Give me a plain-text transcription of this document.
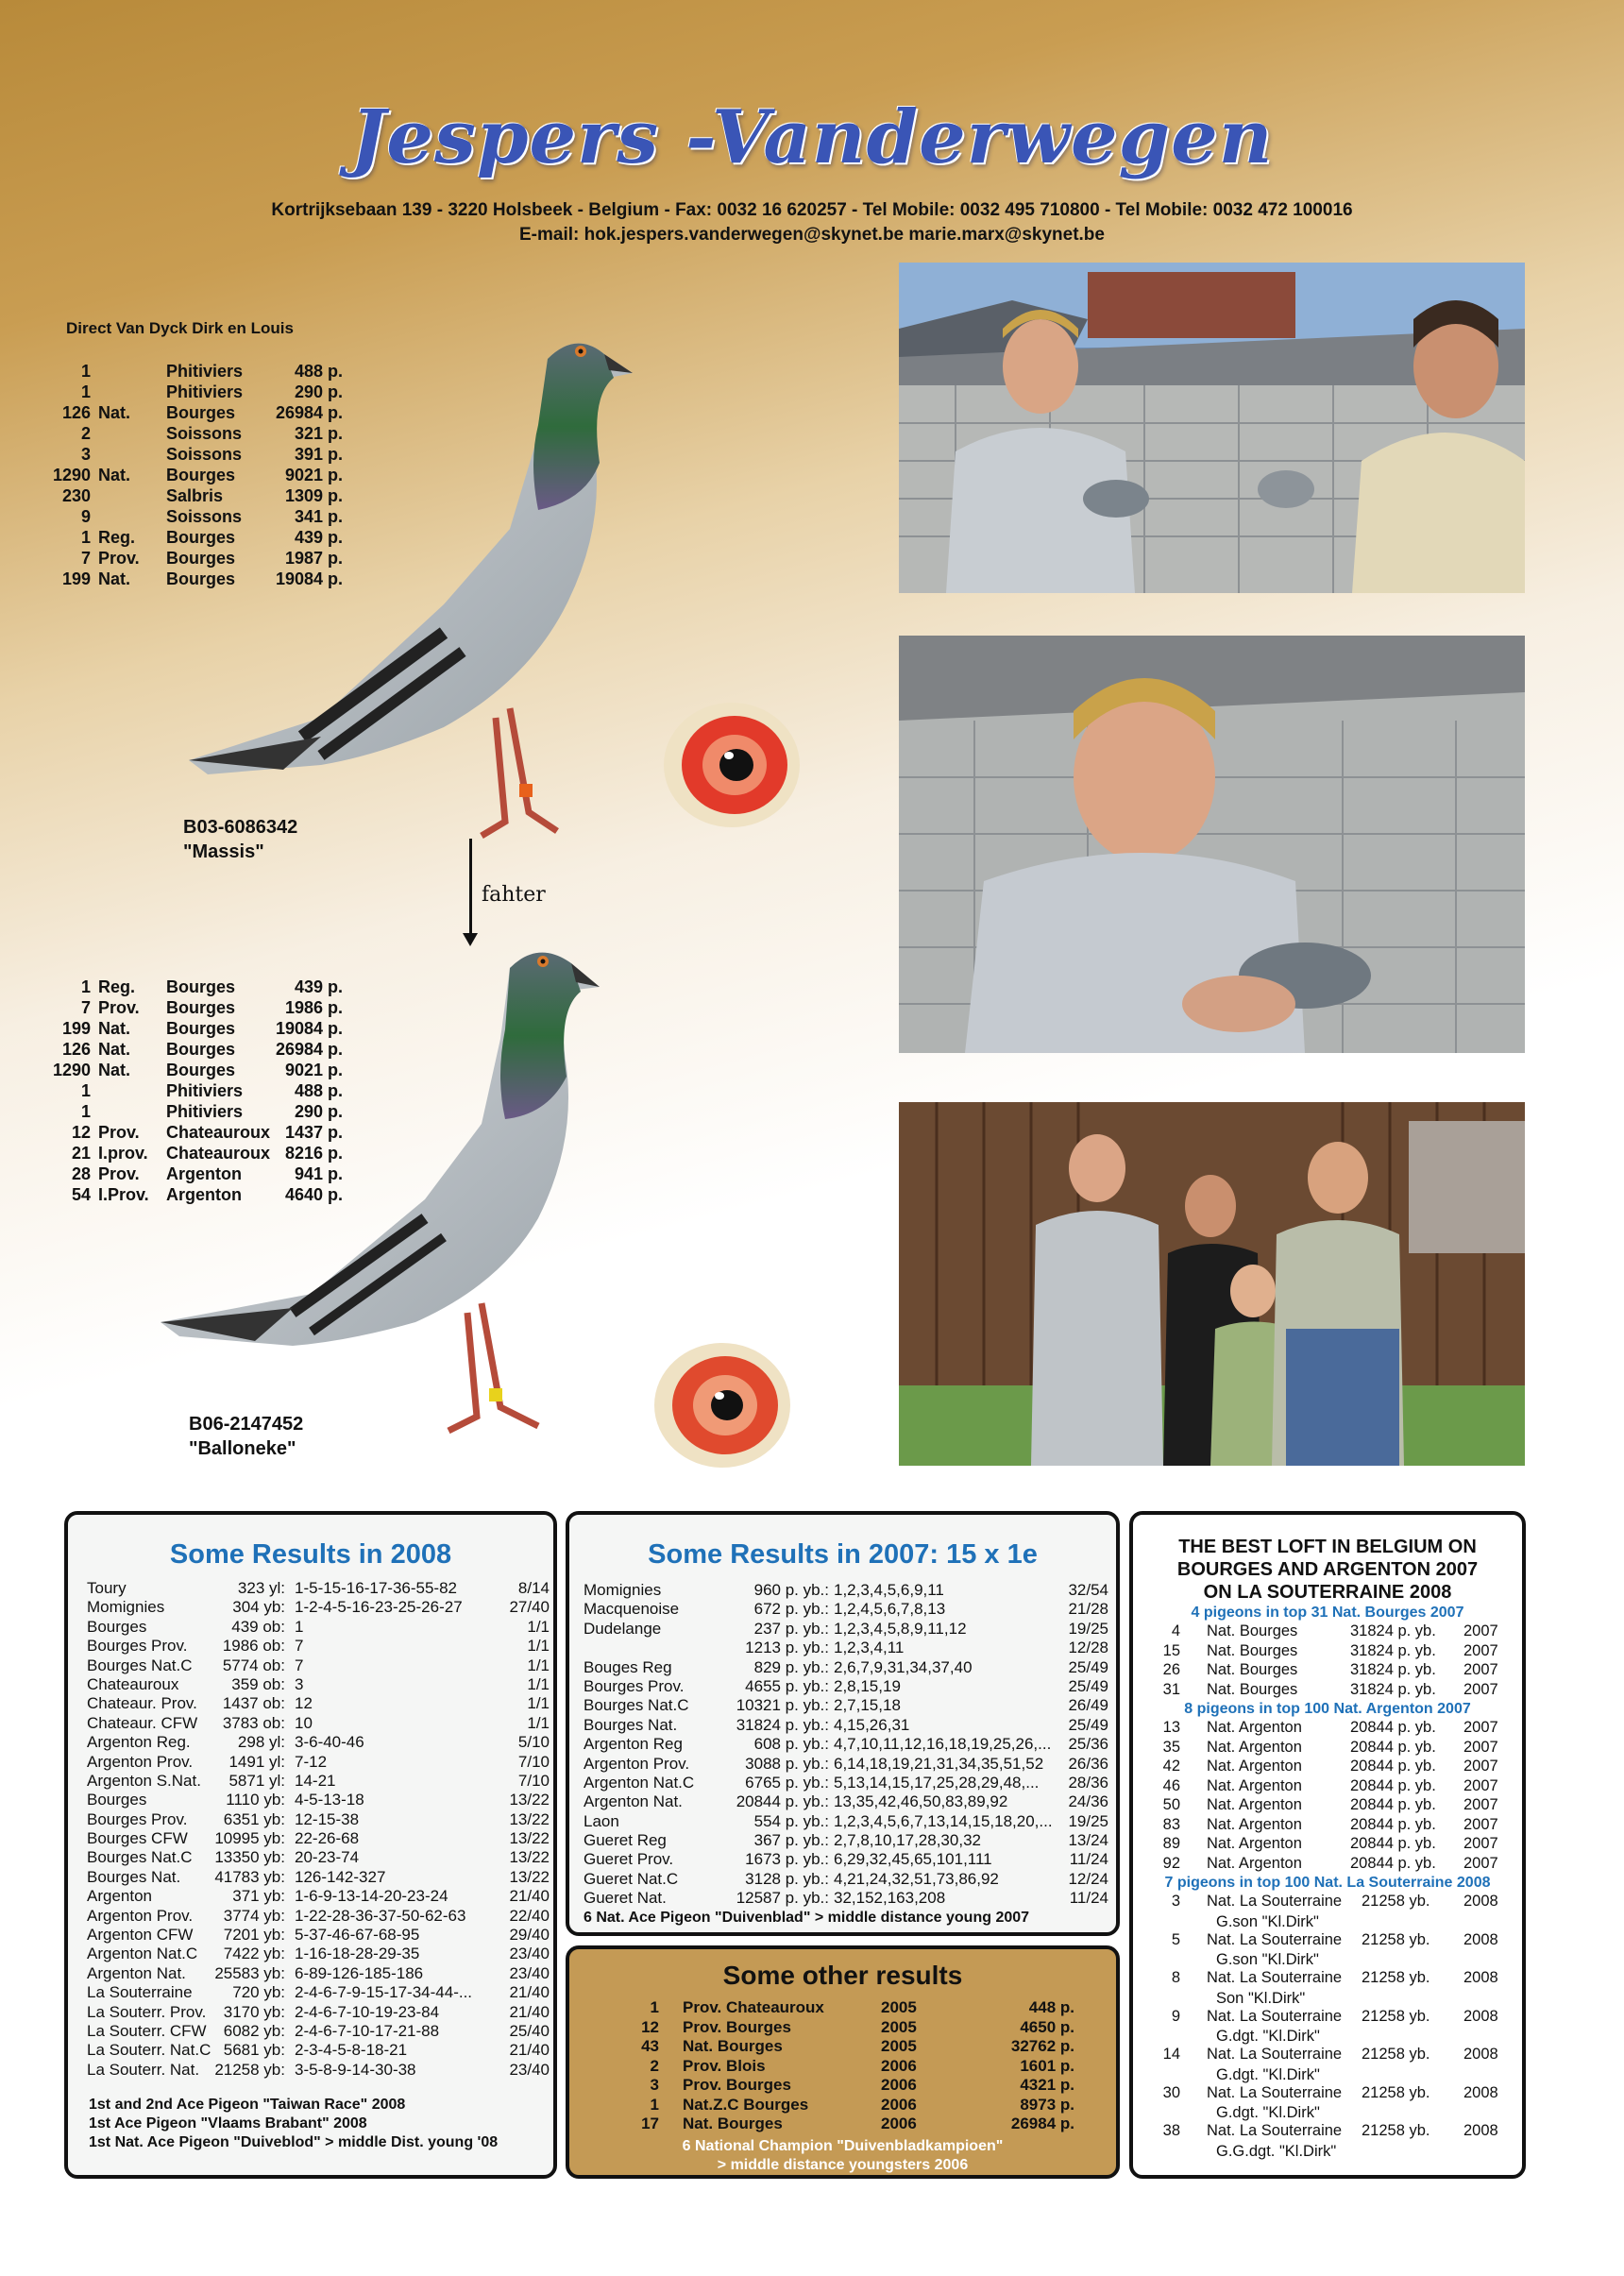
Jespers -Vanderwegen
Kortrijksebaan 139 - 3220 Holsbeek - Belgium - Fax: 0032 16 620257 - Tel Mobile: 0032 495 710800 - Tel Mobile: 0032 472 100016
E-mail: hok.jespers.vanderwegen@skynet.be marie.marx@skynet.be
Direct Van Dyck Dirk en Louis
1	Phitiviers	488 p.
1	Phitiviers	290 p.
126 Nat. Bourges	26984 p.
2	Soissons	321 p.
3	Soissons	391 p.
1290 Nat. Bourges	9021 p.
230	Salbris	1309 p.
9	Soissons	341 p.
1 Reg. Bourges	439 p.
7 Prov. Bourges	1987 p.
199 Nat. Bourges	19084 p.
B03-6086342
"Massis"
fahter
1 Reg. Bourges	439 p.
7 Prov. Bourges	1986 p.
199 Nat. Bourges	19084 p.
126 Nat. Bourges	26984 p.
1290 Nat. Bourges	9021 p.
1	Phitiviers	488 p.
1	Phitiviers	290 p.
12 Prov. Chateauroux 1437 p.
21 I.prov. Chateauroux 8216 p.
28 Prov. Argenton	941 p.
54 I.Prov. Argenton	4640 p.
B06-2147452
"Balloneke"
Some Results in 2008
Toury	323 yl: 1-5-15-16-17-36-55-82	8/14
Momignies	304 yb: 1-2-4-5-16-23-25-26-27	27/40
Bourges	439 ob: 1	1/1
Bourges Prov.	1986 ob: 7	1/1
Bourges Nat.C	5774 ob: 7	1/1
Chateauroux	359 ob: 3	1/1
Chateaur. Prov.	1437 ob: 12	1/1
Chateaur. CFW	3783 ob: 10	1/1
Argenton Reg.	298 yl: 3-6-40-46	5/10
Argenton Prov.	1491 yl: 7-12	7/10
Argenton S.Nat.	5871 yl: 14-21	7/10
Bourges	1110 yb: 4-5-13-18	13/22
Bourges Prov.	6351 yb: 12-15-38	13/22
Bourges CFW	10995 yb: 22-26-68	13/22
Bourges Nat.C	13350 yb: 20-23-74	13/22
Bourges Nat.	41783 yb: 126-142-327	13/22
Argenton	371 yb: 1-6-9-13-14-20-23-24	21/40
Argenton Prov.	3774 yb: 1-22-28-36-37-50-62-63	22/40
Argenton CFW	7201 yb: 5-37-46-67-68-95	29/40
Argenton Nat.C	7422 yb: 1-16-18-28-29-35	23/40
Argenton Nat.	25583 yb: 6-89-126-185-186	23/40
La Souterraine	720 yb: 2-4-6-7-9-15-17-34-44-...	21/40
La Souterr. Prov.	3170 yb: 2-4-6-7-10-19-23-84	21/40
La Souterr. CFW	6082 yb: 2-4-6-7-10-17-21-88	25/40
La Souterr. Nat.C 5681 yb: 2-3-4-5-8-18-21	21/40
La Souterr. Nat. 21258 yb: 3-5-8-9-14-30-38	23/40
1st and 2nd Ace Pigeon "Taiwan Race" 2008
1st Ace Pigeon "Vlaams Brabant" 2008
1st Nat. Ace Pigeon "Duiveblod" > middle Dist. young '08
Some Results in 2007: 15 x 1e
Momignies	960 p. yb.: 1,2,3,4,5,6,9,11	32/54
Macquenoise	672 p. yb.: 1,2,4,5,6,7,8,13	21/28
Dudelange	237 p. yb.: 1,2,3,4,5,8,9,11,12	19/25
1213 p. yb.: 1,2,3,4,11	12/28
Bouges Reg	829 p. yb.: 2,6,7,9,31,34,37,40	25/49
Bourges Prov.	4655 p. yb.: 2,8,15,19	25/49
Bourges Nat.C	10321 p. yb.: 2,7,15,18	26/49
Bourges Nat.	31824 p. yb.: 4,15,26,31	25/49
Argenton Reg	608 p. yb.: 4,7,10,11,12,16,18,19,25,26,...	25/36
Argenton Prov.	3088 p. yb.: 6,14,18,19,21,31,34,35,51,52	26/36
Argenton Nat.C	6765 p. yb.: 5,13,14,15,17,25,28,29,48,...	28/36
Argenton Nat.	20844 p. yb.: 13,35,42,46,50,83,89,92	24/36
Laon	554 p. yb.: 1,2,3,4,5,6,7,13,14,15,18,20,... 19/25
Gueret Reg	367 p. yb.: 2,7,8,10,17,28,30,32	13/24
Gueret Prov.	1673 p. yb.: 6,29,32,45,65,101,111	11/24
Gueret Nat.C	3128 p. yb.: 4,21,24,32,51,73,86,92	12/24
Gueret Nat.	12587 p. yb.: 32,152,163,208	11/24
6 Nat. Ace Pigeon "Duivenblad" > middle distance young 2007
Some other results
1 Prov. Chateauroux	2005	448 p.
12 Prov. Bourges	2005	4650 p.
43 Nat. Bourges	2005	32762 p.
2 Prov. Blois	2006	1601 p.
3 Prov. Bourges	2006	4321 p.
1 Nat.Z.C Bourges	2006	8973 p.
17 Nat. Bourges	2006	26984 p.
6 National Champion "Duivenbladkampioen"
> middle distance youngsters 2006
THE BEST LOFT IN BELGIUM ON
BOURGES AND ARGENTON 2007
ON LA SOUTERRAINE 2008
4 pigeons in top 31 Nat. Bourges 2007
4 Nat. Bourges	31824 p. yb. 2007
15 Nat. Bourges	31824 p. yb. 2007
26 Nat. Bourges	31824 p. yb. 2007
31 Nat. Bourges	31824 p. yb. 2007
8 pigeons in top 100 Nat. Argenton 2007
13 Nat. Argenton	20844 p. yb. 2007
35 Nat. Argenton	20844 p. yb. 2007
42 Nat. Argenton	20844 p. yb. 2007
46 Nat. Argenton	20844 p. yb. 2007
50 Nat. Argenton	20844 p. yb. 2007
83 Nat. Argenton	20844 p. yb. 2007
89 Nat. Argenton	20844 p. yb. 2007
92 Nat. Argenton	20844 p. yb. 2007
7 pigeons in top 100 Nat. La Souterraine 2008
3 Nat. La Souterraine 21258 yb. 2008
G.son "Kl.Dirk"
5 Nat. La Souterraine 21258 yb. 2008
G.son "Kl.Dirk"
8 Nat. La Souterraine 21258 yb. 2008
Son "Kl.Dirk"
9 Nat. La Souterraine 21258 yb. 2008
G.dgt. "Kl.Dirk"
14 Nat. La Souterraine 21258 yb. 2008
G.dgt. "Kl.Dirk"
30 Nat. La Souterraine 21258 yb. 2008
G.dgt. "Kl.Dirk"
38 Nat. La Souterraine 21258 yb. 2008
G.G.dgt. "Kl.Dirk"
